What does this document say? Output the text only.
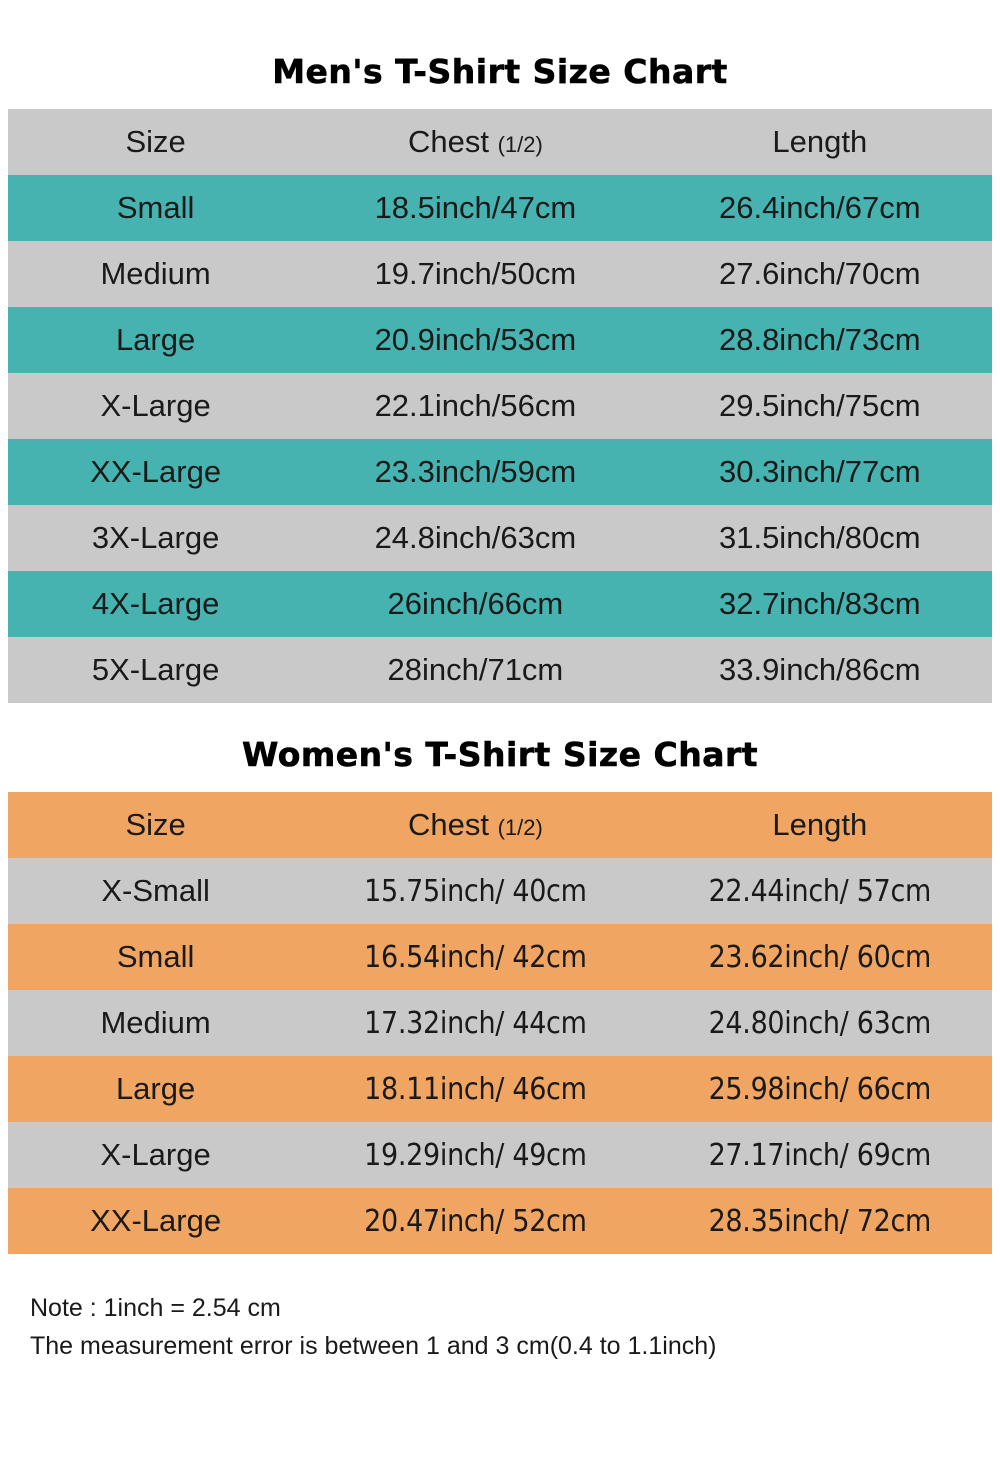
Men's T-Shirt Size Chart
Size	Chest (1/2)	Length
Small	18.5inch/47cm	26.4inch/67cm
Medium	19.7inch/50cm	27.6inch/70cm
Large	20.9inch/53cm	28.8inch/73cm
X-Large	22.1inch/56cm	29.5inch/75cm
XX-Large	23.3inch/59cm	30.3inch/77cm
3X-Large	24.8inch/63cm	31.5inch/80cm
4X-Large	26inch/66cm	32.7inch/83cm
5X-Large	28inch/71cm	33.9inch/86cm
Women's T-Shirt Size Chart
Size	Chest (1/2)	Length
X-Small	15.75inch/ 40cm	22.44inch/ 57cm
Small	16.54inch/ 42cm	23.62inch/ 60cm
Medium	17.32inch/ 44cm	24.80inch/ 63cm
Large	18.11inch/ 46cm	25.98inch/ 66cm
X-Large	19.29inch/ 49cm	27.17inch/ 69cm
XX-Large	20.47inch/ 52cm	28.35inch/ 72cm
Note : 1inch = 2.54 cm
The measurement error is between 1 and 3 cm(0.4 to 1.1inch)
